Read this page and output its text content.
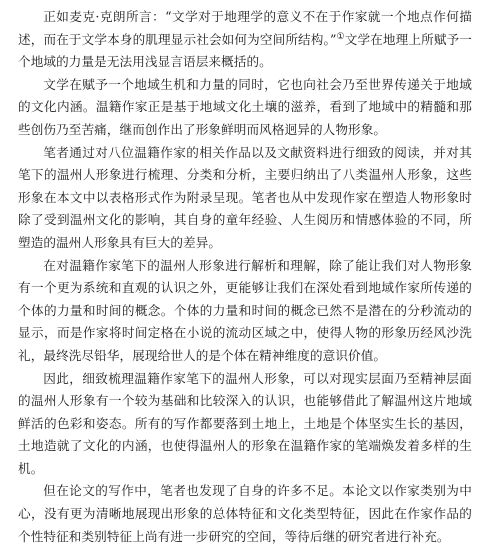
正如麦克·克朗所言：“文学对于地理学的意义不在于作家就一个地点作何描述，而在于文学本身的肌理显示社会如何为空间所结构。”①文学在地理上所赋予一个地域的力量是无法用浅显言语层来概括的。

文学在赋予一个地域生机和力量的同时，它也向社会乃至世界传递关于地域的文化内涵。温籍作家正是基于地域文化土壤的滋养，看到了地域中的精髓和那些创伤乃至苦痛，继而创作出了形象鲜明而风格迥异的人物形象。

笔者通过对八位温籍作家的相关作品以及文献资料进行细致的阅读，并对其笔下的温州人形象进行梳理、分类和分析，主要归纳出了八类温州人形象，这些形象在本文中以表格形式作为附录呈现。笔者也从中发现作家在塑造人物形象时除了受到温州文化的影响，其自身的童年经验、人生阅历和情感体验的不同，所塑造的温州人形象具有巨大的差异。

在对温籍作家笔下的温州人形象进行解析和理解，除了能让我们对人物形象有一个更为系统和直观的认识之外，更能够让我们在深处看到地域作家所传递的个体的力量和时间的概念。个体的力量和时间的概念已然不是潜在的分秒流动的显示，而是作家将时间定格在小说的流动区域之中，使得人物的形象历经风沙洗礼，最终洗尽铅华，展现给世人的是个体在精神维度的意识价值。

因此，细致梳理温籍作家笔下的温州人形象，可以对现实层面乃至精神层面的温州人形象有一个较为基础和比较深入的认识，也能够借此了解温州这片地域鲜活的色彩和姿态。所有的写作都要落到土地上，土地是个体坚实生长的基因，土地造就了文化的内涵，也使得温州人的形象在温籍作家的笔端焕发着多样的生机。

但在论文的写作中，笔者也发现了自身的许多不足。本论文以作家类别为中心，没有更为清晰地展现出形象的总体特征和文化类型特征，因此在作家作品的个性特征和类别特征上尚有进一步研究的空间，等待后继的研究者进行补充。
